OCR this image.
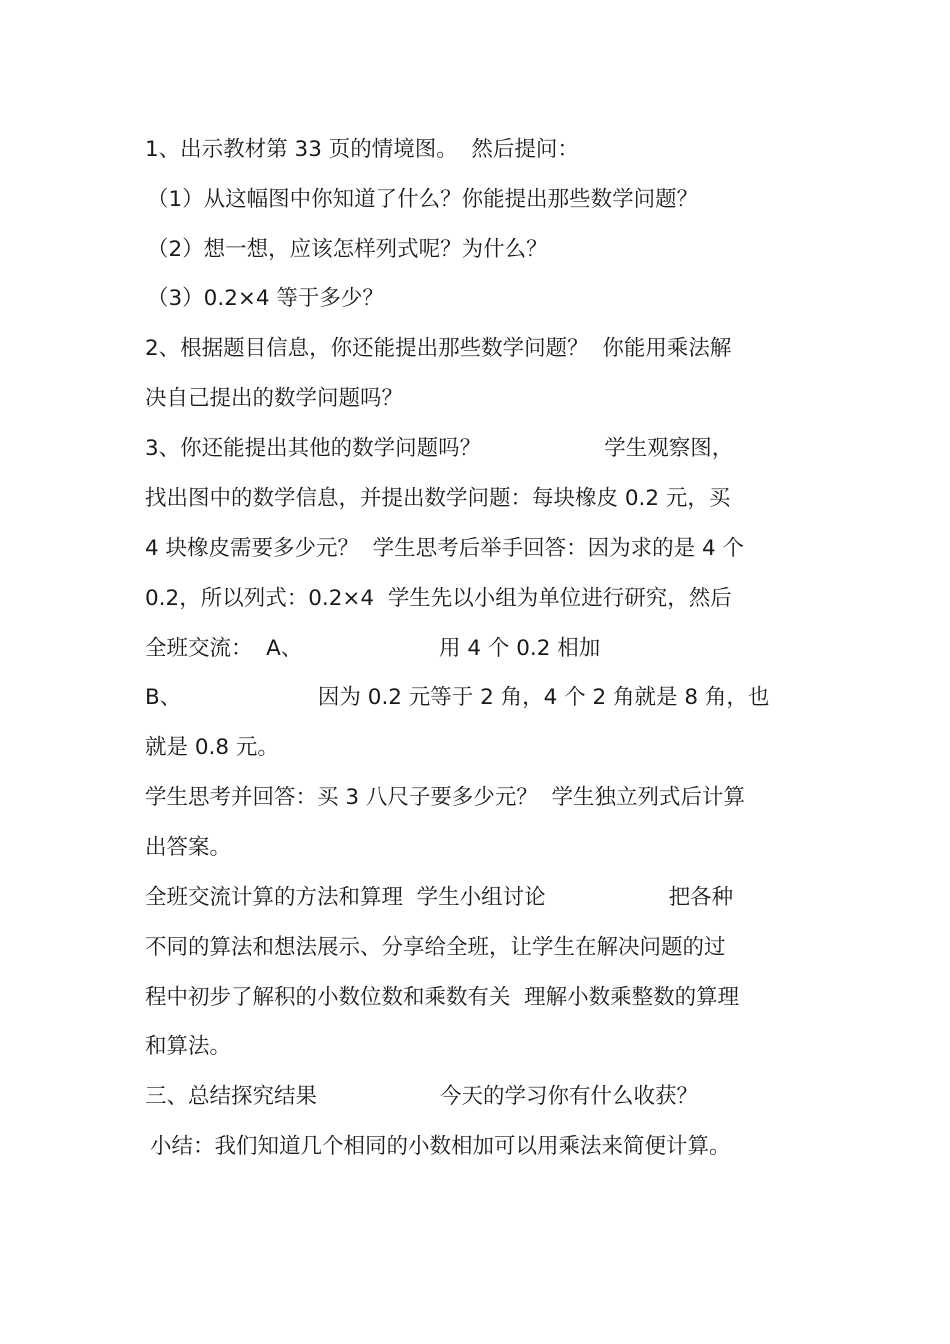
1、出示教材第 33 页的情境图。  然后提问：
（1）从这幅图中你知道了什么？你能提出那些数学问题？
（2）想一想，应该怎样列式呢？为什么？
（3）0.2×4 等于多少？
2、根据题目信息，你还能提出那些数学问题？  你能用乘法解
决自己提出的数学问题吗？
3、你还能提出其他的数学问题吗？                  学生观察图，
找出图中的数学信息，并提出数学问题：每块橡皮 0.2 元，买
4 块橡皮需要多少元？  学生思考后举手回答：因为求的是 4 个
0.2，所以列式：0.2×4  学生先以小组为单位进行研究，然后
全班交流：  A、                    用 4 个 0.2 相加
B、                    因为 0.2 元等于 2 角，4 个 2 角就是 8 角，也
就是 0.8 元。
学生思考并回答：买 3 八尺子要多少元？  学生独立列式后计算
出答案。
全班交流计算的方法和算理  学生小组讨论                  把各种
不同的算法和想法展示、分享给全班，让学生在解决问题的过
程中初步了解积的小数位数和乘数有关  理解小数乘整数的算理
和算法。
三、总结探究结果                  今天的学习你有什么收获？
小结：我们知道几个相同的小数相加可以用乘法来简便计算。
